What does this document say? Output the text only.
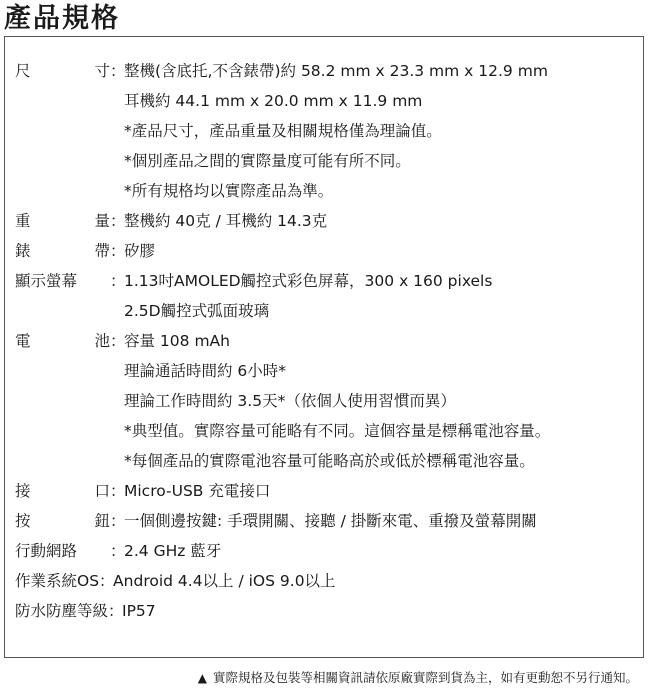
產品規格
尺	寸 ：
整機(含底托,不含錶帶)約 58.2 mm x 23.3 mm x 12.9 mm
耳機約 44.1 mm x 20.0 mm x 11.9 mm
*產品尺寸，產品重量及相關規格僅為理論值。
*個別產品之間的實際量度可能有所不同。
*所有規格均以實際產品為準。
重	量 ：
整機約 40克 / 耳機約 14.3克
錶	帶 ：
矽膠
顯示螢幕 ：
1.13吋AMOLED觸控式彩色屏幕，300 x 160 pixels
2.5D觸控式弧面玻璃
電	池 ：
容量 108 mAh
理論通話時間約 6小時*
理論工作時間約 3.5天*（依個人使用習慣而異）
*典型值。實際容量可能略有不同。這個容量是標稱電池容量。
*每個產品的實際電池容量可能略高於或低於標稱電池容量。
接	口 ：
Micro-USB 充電接口
按	鈕 ：
一個側邊按鍵: 手環開關、接聽 / 掛斷來電、重撥及螢幕開關
行動網路 ：
2.4 GHz 藍牙
作業系統OS ：
Android 4.4以上 / iOS 9.0以上
防水防塵等級 ：
IP57
▲ 實際規格及包裝等相關資訊請依原廠實際到貨為主，如有更動恕不另行通知。
